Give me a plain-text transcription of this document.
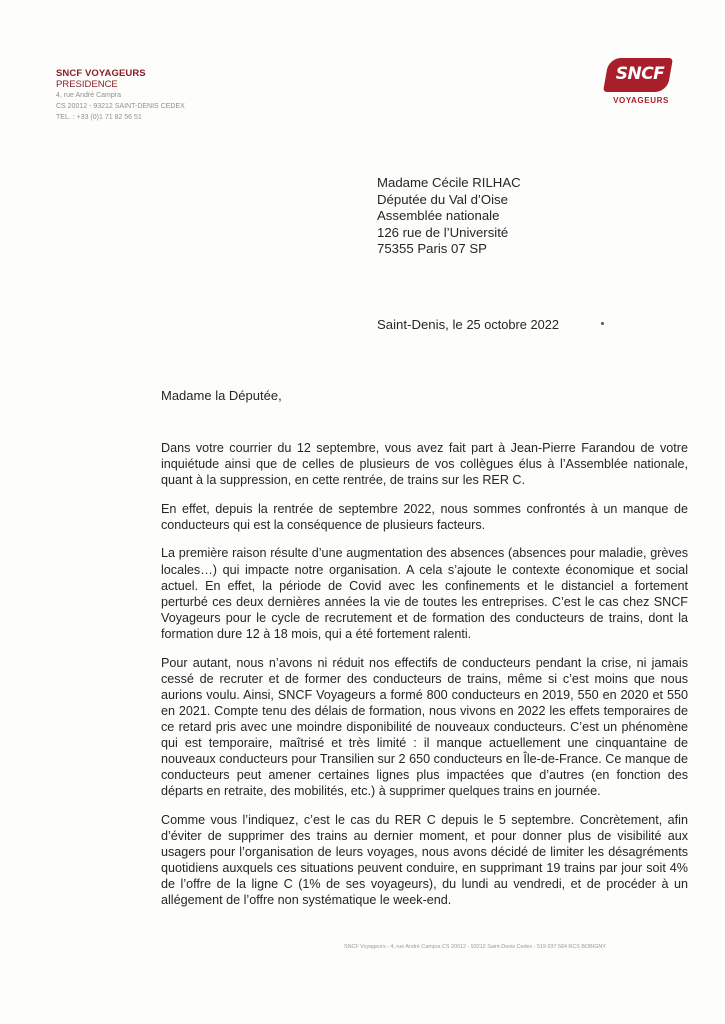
SNCF VOYAGEURS
PRESIDENCE
4, rue André Campra
CS 20012 - 93212 SAINT-DENIS CEDEX
TEL. : +33 (0)1 71 82 56 51
SNCF
VOYAGEURS
Madame Cécile RILHAC
Députée du Val d’Oise
Assemblée nationale
126 rue de l’Université
75355 Paris 07 SP
Saint-Denis, le 25 octobre 2022
Madame la Députée,

Dans votre courrier du 12 septembre, vous avez fait part à Jean-Pierre Farandou de votre inquiétude ainsi que de celles de plusieurs de vos collègues élus à l’Assemblée nationale, quant à la suppression, en cette rentrée, de trains sur les RER C.

En effet, depuis la rentrée de septembre 2022, nous sommes confrontés à un manque de conducteurs qui est la conséquence de plusieurs facteurs.

La première raison résulte d’une augmentation des absences (absences pour maladie, grèves locales…) qui impacte notre organisation. A cela s’ajoute le contexte économique et social actuel. En effet, la période de Covid avec les confinements et le distanciel a fortement perturbé ces deux dernières années la vie de toutes les entreprises. C’est le cas chez SNCF Voyageurs pour le cycle de recrutement et de formation des conducteurs de trains, dont la formation dure 12 à 18 mois, qui a été fortement ralenti.

Pour autant, nous n’avons ni réduit nos effectifs de conducteurs pendant la crise, ni jamais cessé de recruter et de former des conducteurs de trains, même si c’est moins que nous aurions voulu. Ainsi, SNCF Voyageurs a formé 800 conducteurs en 2019, 550 en 2020 et 550 en 2021. Compte tenu des délais de formation, nous vivons en 2022 les effets temporaires de ce retard pris avec une moindre disponibilité de nouveaux conducteurs. C’est un phénomène qui est temporaire, maîtrisé et très limité : il manque actuellement une cinquantaine de nouveaux conducteurs pour Transilien sur 2 650 conducteurs en Île-de-France. Ce manque de conducteurs peut amener certaines lignes plus impactées que d’autres (en fonction des départs en retraite, des mobilités, etc.) à supprimer quelques trains en journée.

Comme vous l’indiquez, c’est le cas du RER C depuis le 5 septembre. Concrètement, afin d’éviter de supprimer des trains au dernier moment, et pour donner plus de visibilité aux usagers pour l’organisation de leurs voyages, nous avons décidé de limiter les désagréments quotidiens auxquels ces situations peuvent conduire, en supprimant 19 trains par jour soit 4% de l’offre de la ligne C (1% de ses voyageurs), du lundi au vendredi, et de procéder à un allégement de l’offre non systématique le week-end.

SNCF Voyageurs - 4, rue André Campra CS 20012 - 93212 Saint-Denis Cedex - 519 037 584 RCS BOBIGNY
